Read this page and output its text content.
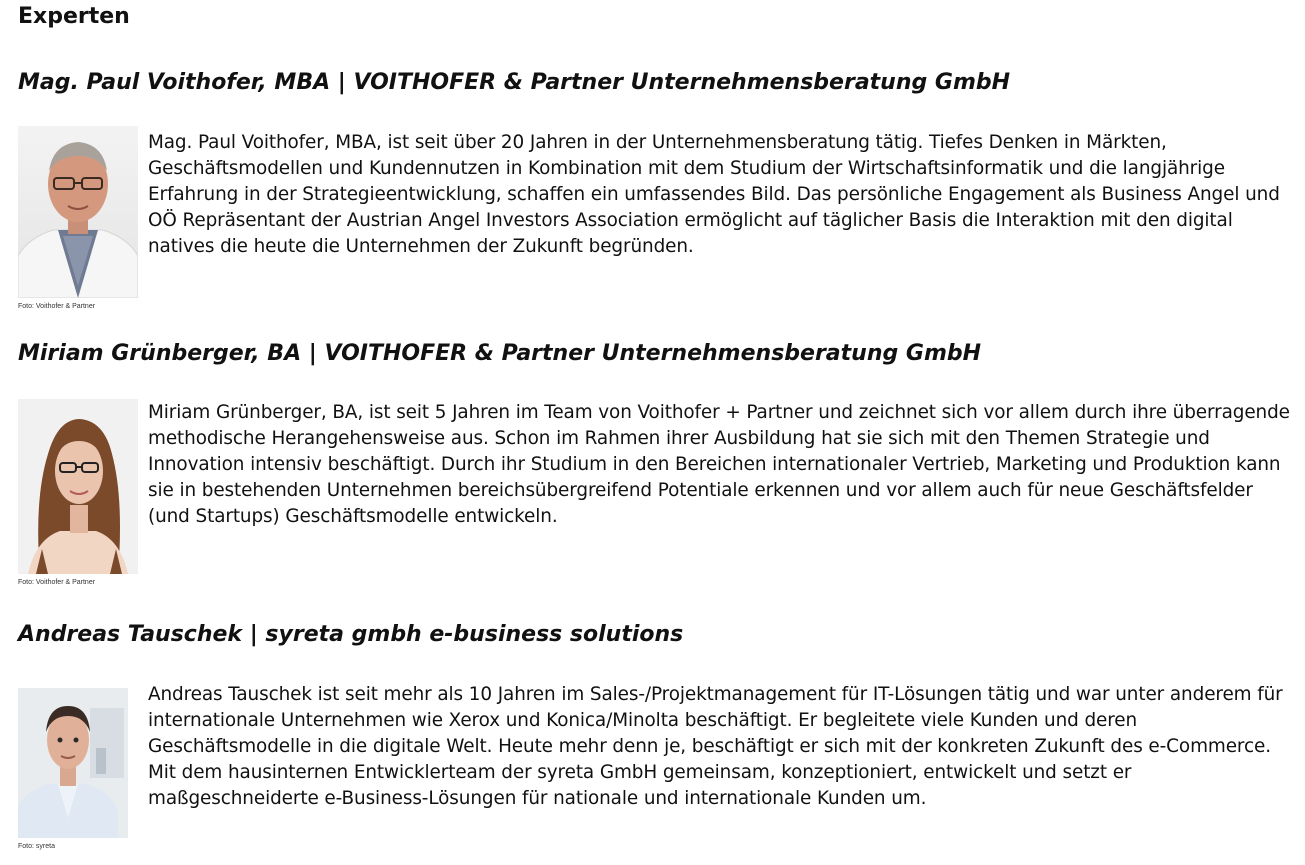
Experten
Mag. Paul Voithofer, MBA | VOITHOFER & Partner Unternehmensberatung GmbH
Foto: Voithofer & Partner

Mag. Paul Voithofer, MBA, ist seit über 20 Jahren in der Unternehmensberatung tätig. Tiefes Denken in Märkten, Geschäftsmodellen und Kundennutzen in Kombination mit dem Studium der Wirtschaftsinformatik und die langjährige Erfahrung in der Strategieentwicklung, schaffen ein umfassendes Bild. Das persönliche Engagement als Business Angel und OÖ Repräsentant der Austrian Angel Investors Association ermöglicht auf täglicher Basis die Interaktion mit den digital natives die heute die Unternehmen der Zukunft begründen.

Miriam Grünberger, BA | VOITHOFER & Partner Unternehmensberatung GmbH
Foto: Voithofer & Partner

Miriam Grünberger, BA, ist seit 5 Jahren im Team von Voithofer + Partner und zeichnet sich vor allem durch ihre überragende methodische Herangehensweise aus. Schon im Rahmen ihrer Ausbildung hat sie sich mit den Themen Strategie und Innovation intensiv beschäftigt. Durch ihr Studium in den Bereichen internationaler Vertrieb, Marketing und Produktion kann sie in bestehenden Unternehmen bereichsübergreifend Potentiale erkennen und vor allem auch für neue Geschäftsfelder (und Startups) Geschäftsmodelle entwickeln.

Andreas Tauschek | syreta gmbh e-business solutions
Foto: syreta

Andreas Tauschek ist seit mehr als 10 Jahren im Sales-/Projektmanagement für IT-Lösungen tätig und war unter anderem für internationale Unternehmen wie Xerox und Konica/Minolta beschäftigt. Er begleitete viele Kunden und deren Geschäftsmodelle in die digitale Welt. Heute mehr denn je, beschäftigt er sich mit der konkreten Zukunft des e-Commerce. Mit dem hausinternen Entwicklerteam der syreta GmbH gemeinsam, konzeptioniert, entwickelt und setzt er maßgeschneiderte e-Business-Lösungen für nationale und internationale Kunden um.
